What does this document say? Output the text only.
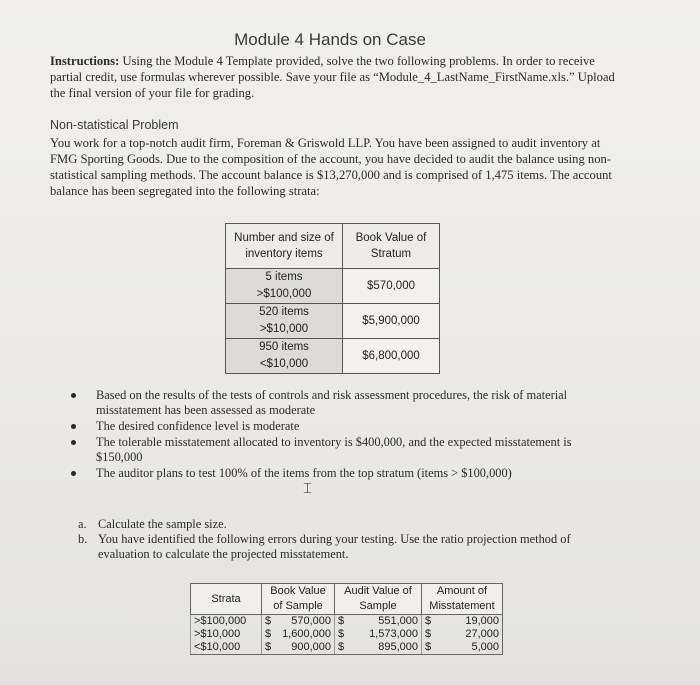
Module 4 Hands on Case
Instructions: Using the Module 4 Template provided, solve the two following problems. In order to receive partial credit, use formulas wherever possible. Save your file as “Module_4_LastName_FirstName.xls.” Upload the final version of your file for grading.
Non-statistical Problem
You work for a top-notch audit firm, Foreman & Griswold LLP. You have been assigned to audit inventory at FMG Sporting Goods. Due to the composition of the account, you have decided to audit the balance using non-statistical sampling methods. The account balance is $13,270,000 and is comprised of 1,475 items. The account balance has been segregated into the following strata:
Number and size of inventory items	Book Value of Stratum
5 items
>$100,000	$570,000
520 items
>$10,000	$5,900,000
950 items
<$10,000	$6,800,000
Based on the results of the tests of controls and risk assessment procedures, the risk of material misstatement has been assessed as moderate
The desired confidence level is moderate
The tolerable misstatement allocated to inventory is $400,000, and the expected misstatement is $150,000
The auditor plans to test 100% of the items from the top stratum (items > $100,000)
⌶
a. Calculate the sample size.
b. You have identified the following errors during your testing. Use the ratio projection method of evaluation to calculate the projected misstatement.
Strata	Book Value of Sample	Audit Value of Sample	Amount of Misstatement
>$100,000	$ 570,000	$ 551,000	$ 19,000
>$10,000	$ 1,600,000	$ 1,573,000	$ 27,000
<$10,000	$ 900,000	$ 895,000	$ 5,000
